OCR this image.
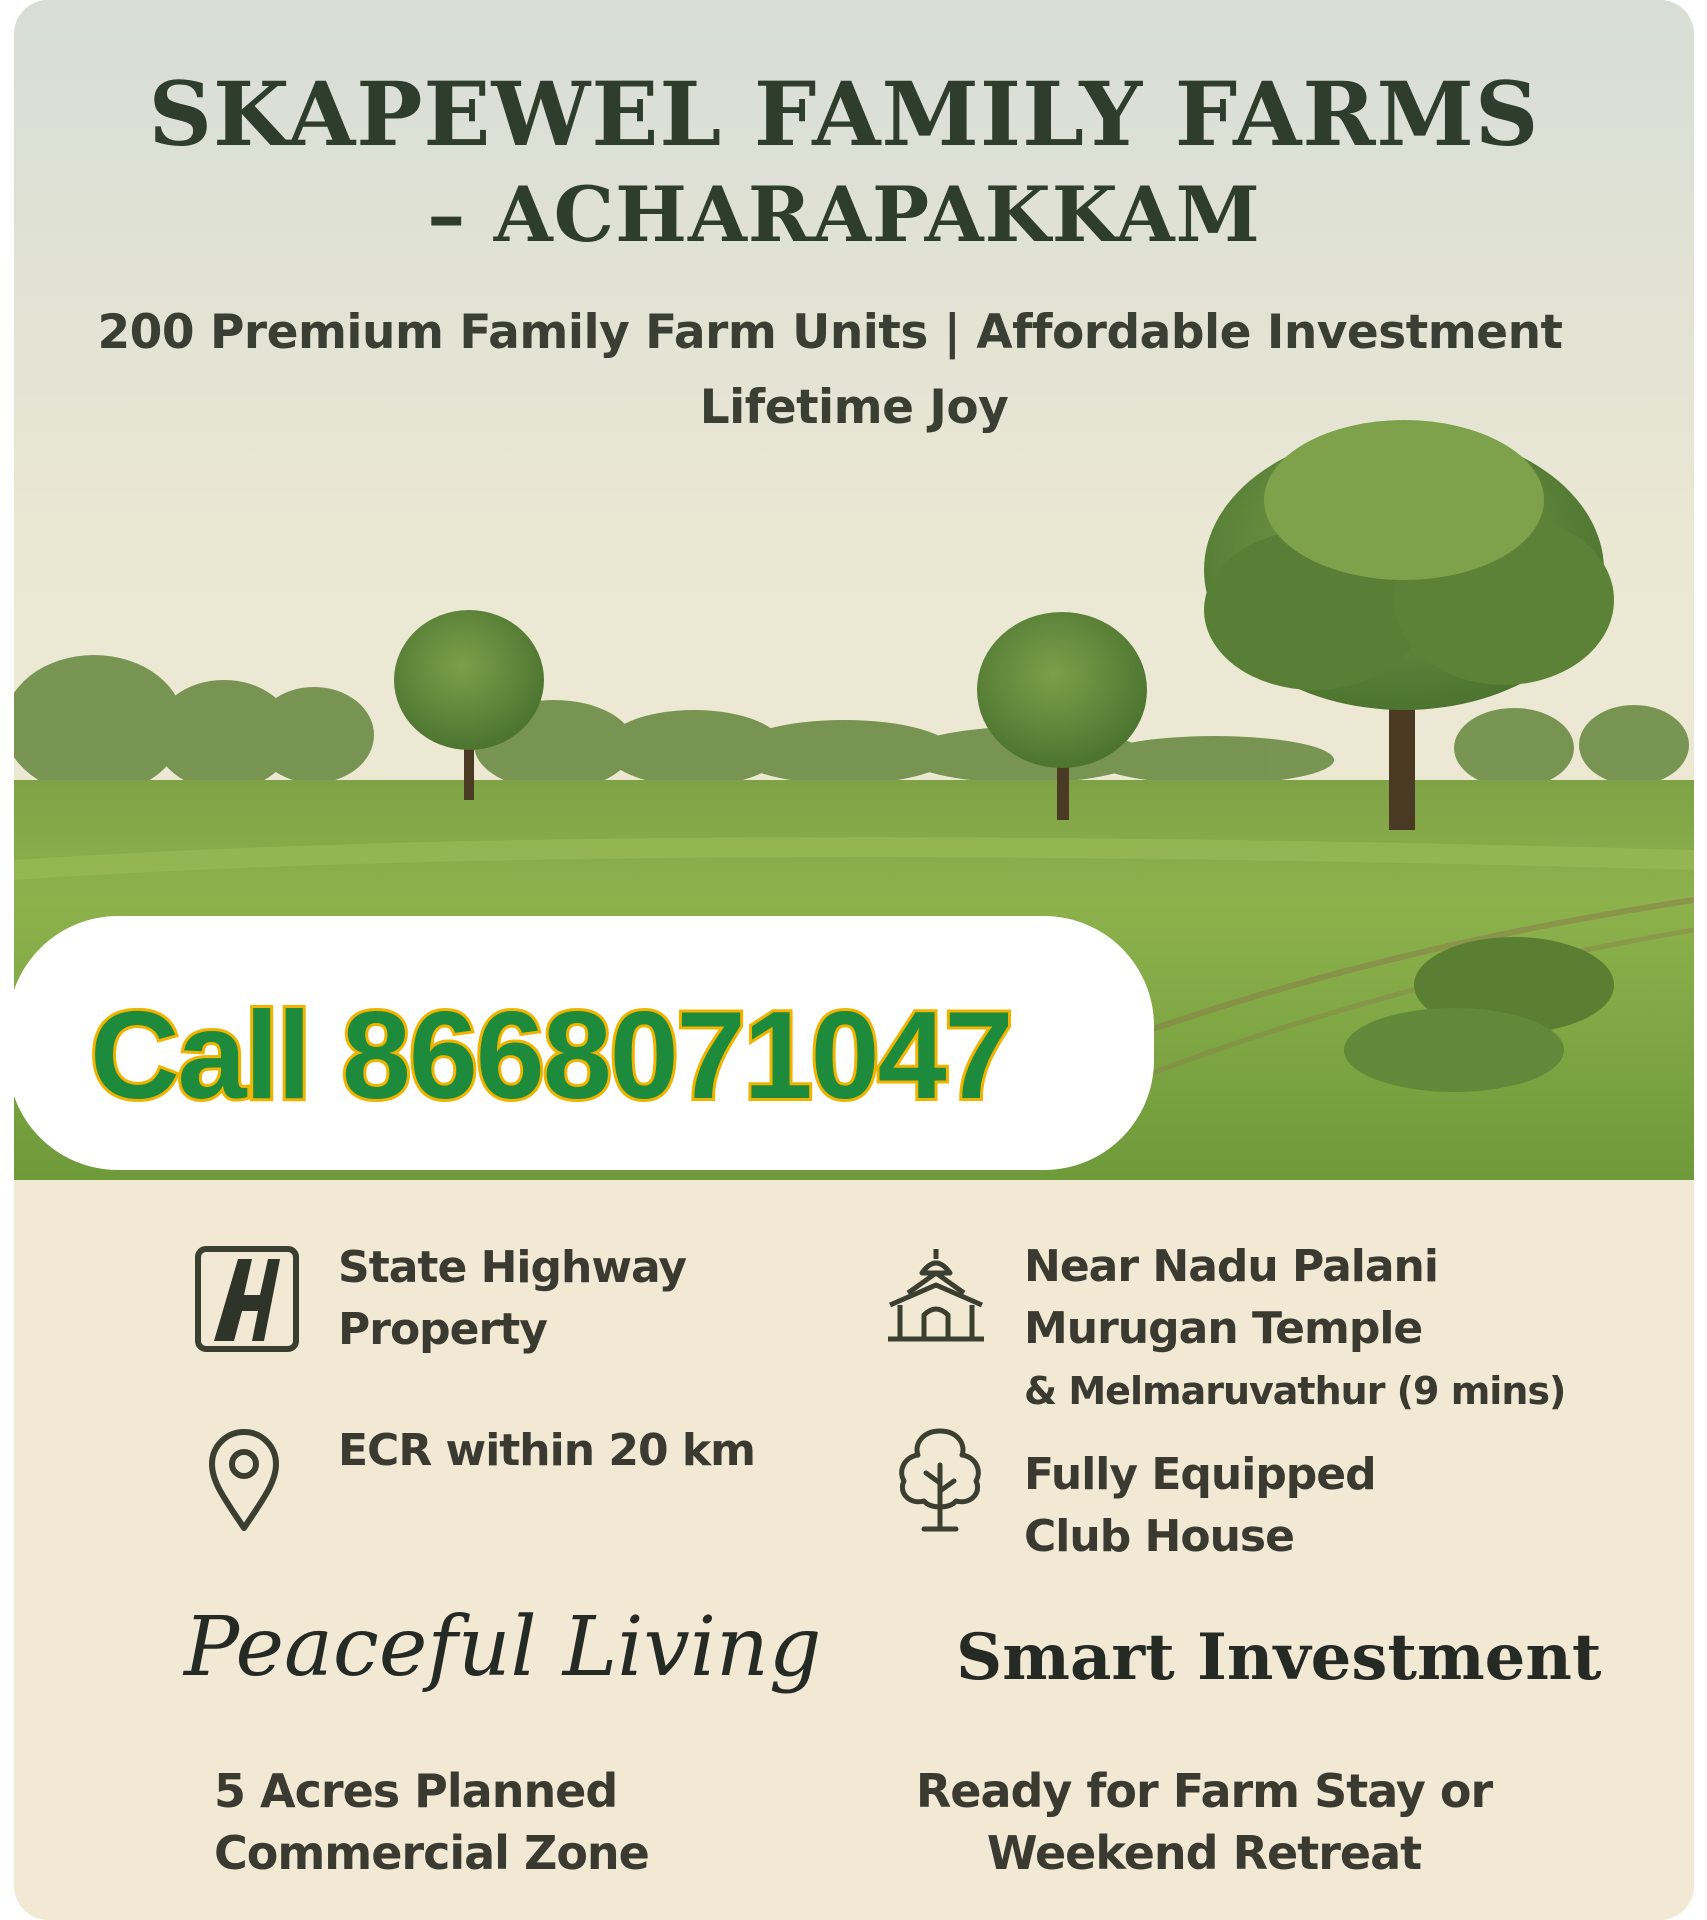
SKAPEWEL FAMILY FARMS
– ACHARAPAKKAM
200 Premium Family Farm Units | Affordable Investment
Lifetime Joy
Call 8668071047
State Highway
Property
Near Nadu Palani
Murugan Temple
& Melmaruvathur (9 mins)
ECR within 20 km	Fully Equipped
Club House
Peaceful Living Smart Investment
5 Acres Planned
Commercial Zone
Ready for Farm Stay or
Weekend Retreat
